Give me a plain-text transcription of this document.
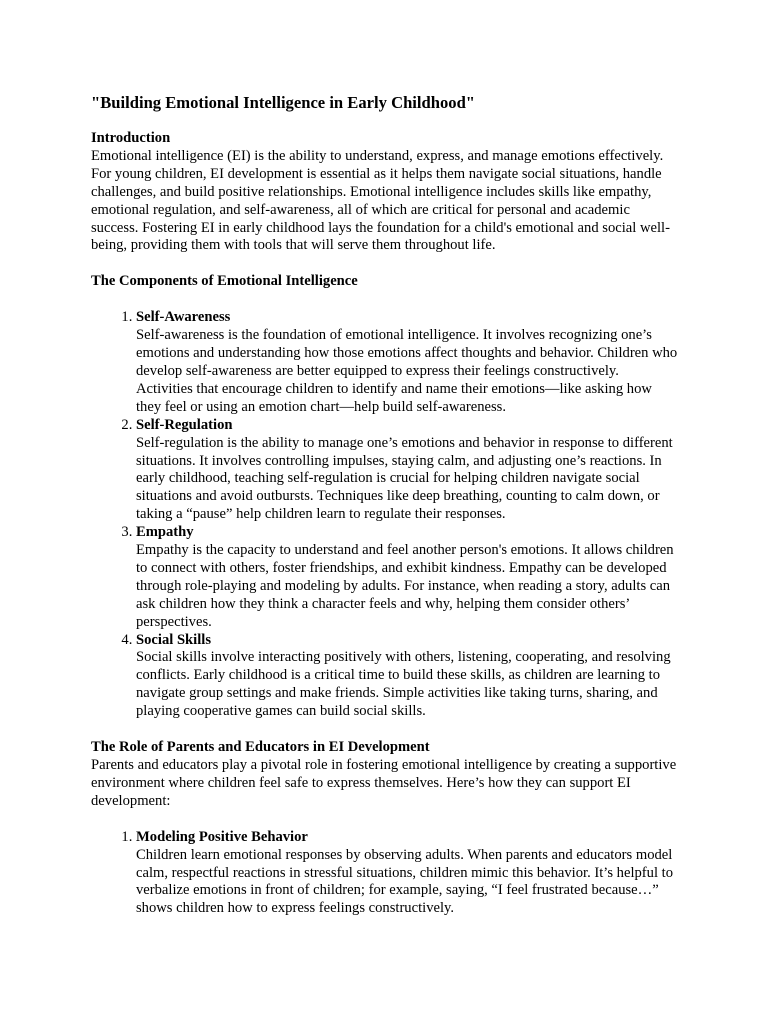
"Building Emotional Intelligence in Early Childhood"

Introduction

Emotional intelligence (EI) is the ability to understand, express, and manage emotions effectively. For young children, EI development is essential as it helps them navigate social situations, handle challenges, and build positive relationships. Emotional intelligence includes skills like empathy, emotional regulation, and self-awareness, all of which are critical for personal and academic success. Fostering EI in early childhood lays the foundation for a child's emotional and social well-being, providing them with tools that will serve them throughout life.

The Components of Emotional Intelligence

1. Self-Awareness
Self-awareness is the foundation of emotional intelligence. It involves recognizing one’s emotions and understanding how those emotions affect thoughts and behavior. Children who develop self-awareness are better equipped to express their feelings constructively. Activities that encourage children to identify and name their emotions—like asking how they feel or using an emotion chart—help build self-awareness.
2. Self-Regulation
Self-regulation is the ability to manage one’s emotions and behavior in response to different situations. It involves controlling impulses, staying calm, and adjusting one’s reactions. In early childhood, teaching self-regulation is crucial for helping children navigate social situations and avoid outbursts. Techniques like deep breathing, counting to calm down, or taking a “pause” help children learn to regulate their responses.
3. Empathy
Empathy is the capacity to understand and feel another person's emotions. It allows children to connect with others, foster friendships, and exhibit kindness. Empathy can be developed through role-playing and modeling by adults. For instance, when reading a story, adults can ask children how they think a character feels and why, helping them consider others’ perspectives.
4. Social Skills
Social skills involve interacting positively with others, listening, cooperating, and resolving conflicts. Early childhood is a critical time to build these skills, as children are learning to navigate group settings and make friends. Simple activities like taking turns, sharing, and playing cooperative games can build social skills.

The Role of Parents and Educators in EI Development

Parents and educators play a pivotal role in fostering emotional intelligence by creating a supportive environment where children feel safe to express themselves. Here’s how they can support EI development:

1. Modeling Positive Behavior
Children learn emotional responses by observing adults. When parents and educators model calm, respectful reactions in stressful situations, children mimic this behavior. It’s helpful to verbalize emotions in front of children; for example, saying, “I feel frustrated because…” shows children how to express feelings constructively.
